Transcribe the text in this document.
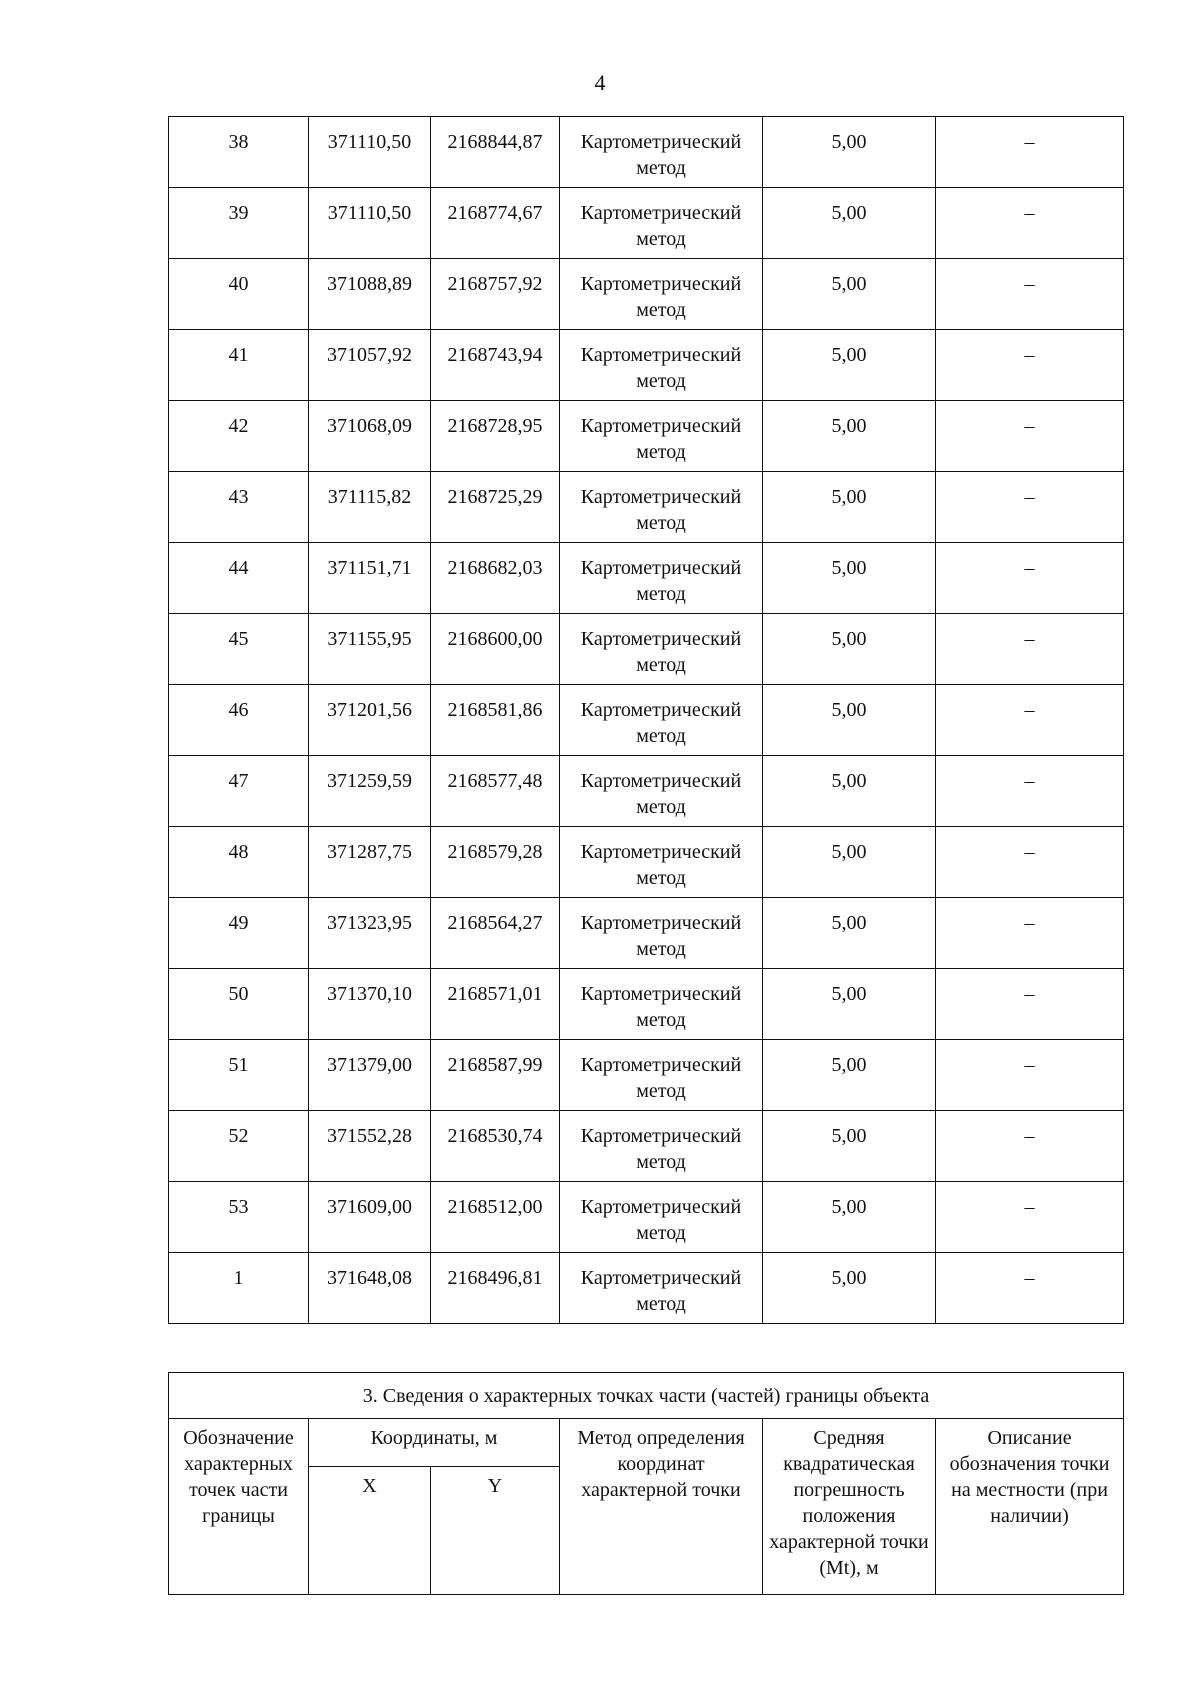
4
38	371110,50	2168844,87	Картометрический метод	5,00	–
39	371110,50	2168774,67	Картометрический метод	5,00	–
40	371088,89	2168757,92	Картометрический метод	5,00	–
41	371057,92	2168743,94	Картометрический метод	5,00	–
42	371068,09	2168728,95	Картометрический метод	5,00	–
43	371115,82	2168725,29	Картометрический метод	5,00	–
44	371151,71	2168682,03	Картометрический метод	5,00	–
45	371155,95	2168600,00	Картометрический метод	5,00	–
46	371201,56	2168581,86	Картометрический метод	5,00	–
47	371259,59	2168577,48	Картометрический метод	5,00	–
48	371287,75	2168579,28	Картометрический метод	5,00	–
49	371323,95	2168564,27	Картометрический метод	5,00	–
50	371370,10	2168571,01	Картометрический метод	5,00	–
51	371379,00	2168587,99	Картометрический метод	5,00	–
52	371552,28	2168530,74	Картометрический метод	5,00	–
53	371609,00	2168512,00	Картометрический метод	5,00	–
1	371648,08	2168496,81	Картометрический метод	5,00	–
3. Сведения о характерных точках части (частей) границы объекта					
Обозначение характерных точек части границы	Координаты, м		Метод определения координат характерной точки	Средняя квадратическая погрешность положения характерной точки (Mt), м	Описание обозначения точки на местности (при наличии)
	X	Y			
